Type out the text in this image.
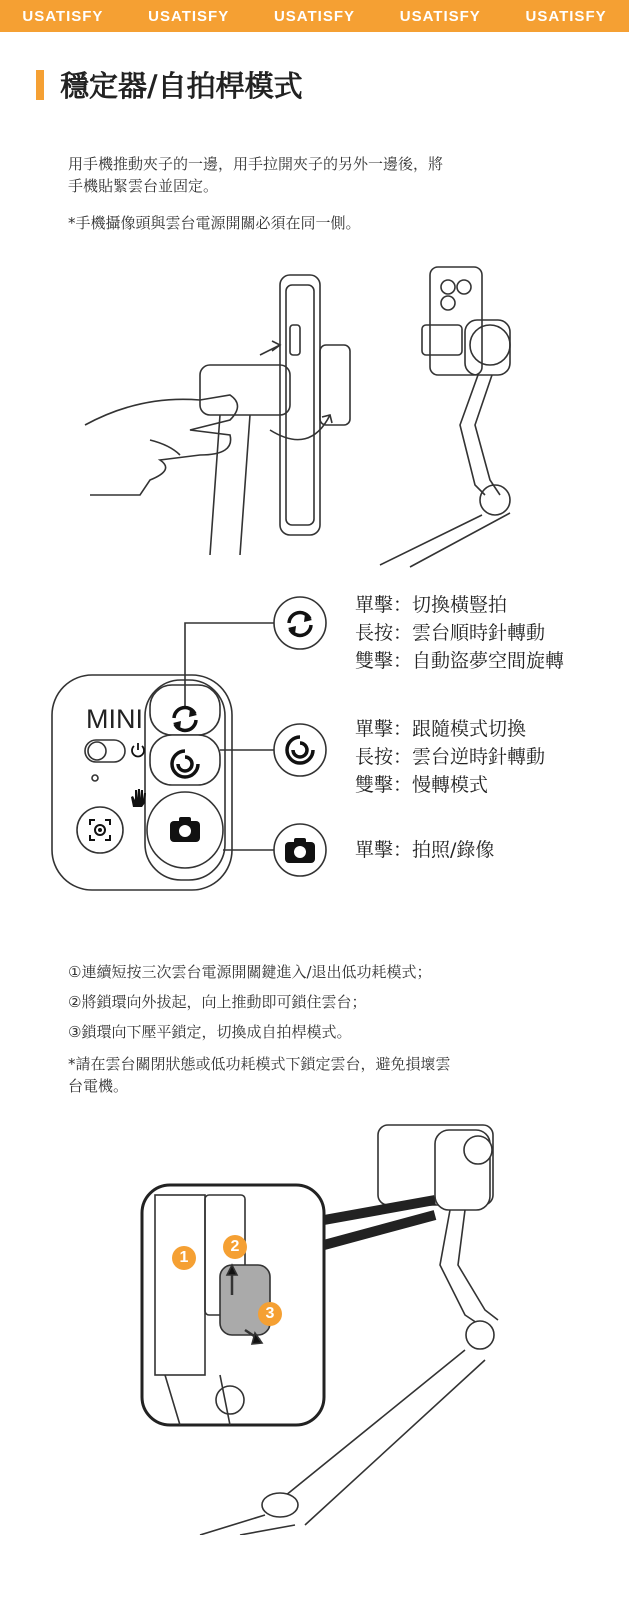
USATISFY	USATISFY	USATISFY	USATISFY	USATISFY
穩定器/自拍桿模式
用手機推動夾子的一邊，用手拉開夾子的另外一邊後，將
手機貼緊雲台並固定。
*手機攝像頭與雲台電源開關必須在同一側。
MINI
單擊：切換橫豎拍
長按：雲台順時針轉動
雙擊：自動盜夢空間旋轉
單擊：跟隨模式切換
長按：雲台逆時針轉動
雙擊：慢轉模式
單擊：拍照/錄像
①連續短按三次雲台電源開關鍵進入/退出低功耗模式；
②將鎖環向外拔起，向上推動即可鎖住雲台；
③鎖環向下壓平鎖定，切換成自拍桿模式。
*請在雲台關閉狀態或低功耗模式下鎖定雲台，避免損壞雲
台電機。
1
2
3
